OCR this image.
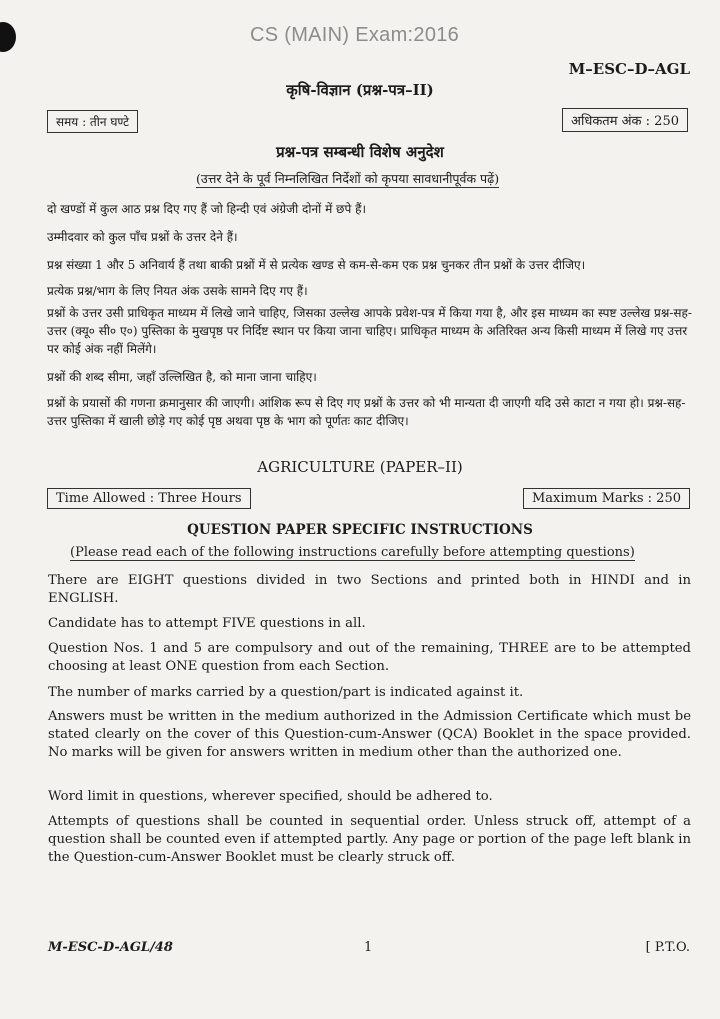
CS (MAIN) Exam:2016
M–ESC–D–AGL
कृषि-विज्ञान (प्रश्न-पत्र–II)
समय : तीन घण्टे	अधिकतम अंक : 250
प्रश्न-पत्र सम्बन्धी विशेष अनुदेश
(उत्तर देने के पूर्व निम्नलिखित निर्देशों को कृपया सावधानीपूर्वक पढ़ें)

दो खण्डों में कुल आठ प्रश्न दिए गए हैं जो हिन्दी एवं अंग्रेजी दोनों में छपे हैं।

उम्मीदवार को कुल पाँच प्रश्नों के उत्तर देने हैं।

प्रश्न संख्या 1 और 5 अनिवार्य हैं तथा बाकी प्रश्नों में से प्रत्येक खण्ड से कम-से-कम एक प्रश्न चुनकर तीन प्रश्नों के उत्तर दीजिए।

प्रत्येक प्रश्न/भाग के लिए नियत अंक उसके सामने दिए गए हैं।

प्रश्नों के उत्तर उसी प्राधिकृत माध्यम में लिखे जाने चाहिए, जिसका उल्लेख आपके प्रवेश-पत्र में किया गया है, और इस माध्यम का स्पष्ट उल्लेख प्रश्न-सह-उत्तर (क्यू० सी० ए०) पुस्तिका के मुखपृष्ठ पर निर्दिष्ट स्थान पर किया जाना चाहिए। प्राधिकृत माध्यम के अतिरिक्त अन्य किसी माध्यम में लिखे गए उत्तर पर कोई अंक नहीं मिलेंगे।

प्रश्नों की शब्द सीमा, जहाँ उल्लिखित है, को माना जाना चाहिए।

प्रश्नों के प्रयासों की गणना क्रमानुसार की जाएगी। आंशिक रूप से दिए गए प्रश्नों के उत्तर को भी मान्यता दी जाएगी यदि उसे काटा न गया हो। प्रश्न-सह-उत्तर पुस्तिका में खाली छोड़े गए कोई पृष्ठ अथवा पृष्ठ के भाग को पूर्णतः काट दीजिए।

AGRICULTURE (PAPER–II)
Time Allowed : Three Hours	Maximum Marks : 250
QUESTION PAPER SPECIFIC INSTRUCTIONS
(Please read each of the following instructions carefully before attempting questions)

There are EIGHT questions divided in two Sections and printed both in HINDI and in ENGLISH.

Candidate has to attempt FIVE questions in all.

Question Nos. 1 and 5 are compulsory and out of the remaining, THREE are to be attempted choosing at least ONE question from each Section.

The number of marks carried by a question/part is indicated against it.

Answers must be written in the medium authorized in the Admission Certificate which must be stated clearly on the cover of this Question-cum-Answer (QCA) Booklet in the space provided. No marks will be given for answers written in medium other than the authorized one.

Word limit in questions, wherever specified, should be adhered to.

Attempts of questions shall be counted in sequential order. Unless struck off, attempt of a question shall be counted even if attempted partly. Any page or portion of the page left blank in the Question-cum-Answer Booklet must be clearly struck off.

M-ESC-D-AGL/48	1	[ P.T.O.
